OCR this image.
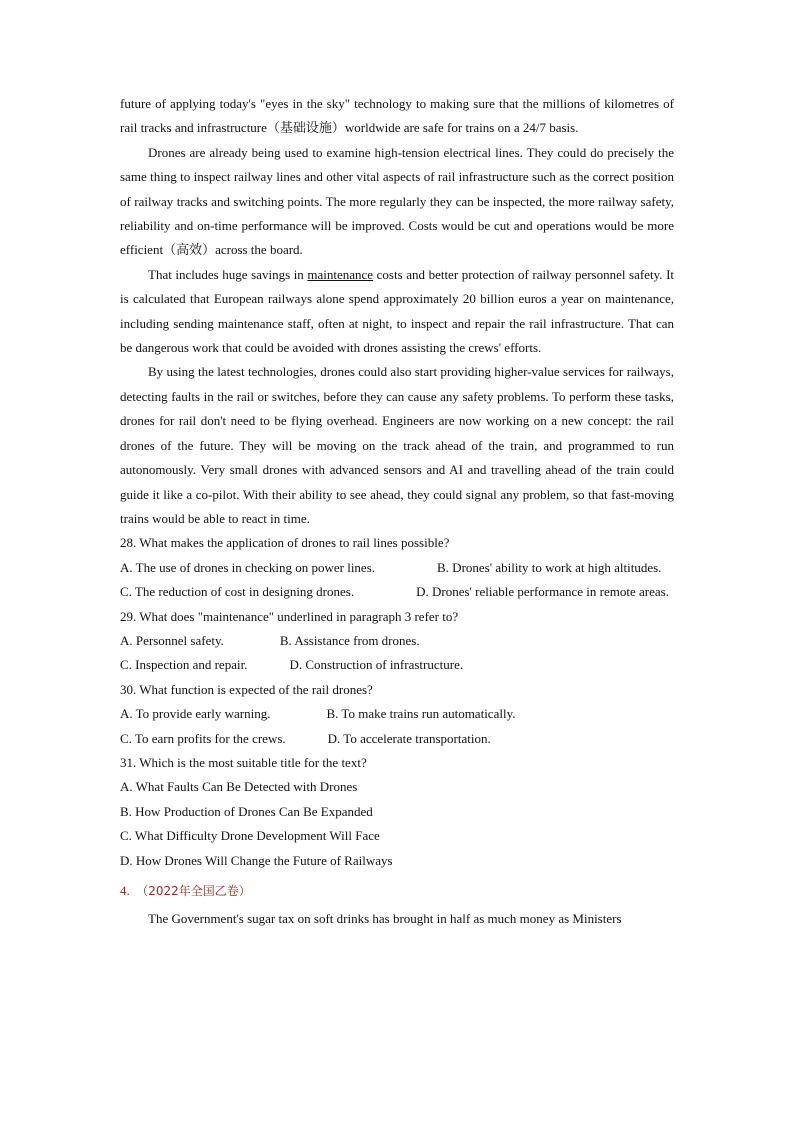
future of applying today's "eyes in the sky" technology to making sure that the millions of kilometres of rail tracks and infrastructure（基础设施）worldwide are safe for trains on a 24/7 basis.

Drones are already being used to examine high-tension electrical lines. They could do precisely the same thing to inspect railway lines and other vital aspects of rail infrastructure such as the correct position of railway tracks and switching points. The more regularly they can be inspected, the more railway safety, reliability and on-time performance will be improved. Costs would be cut and operations would be more efficient（高效）across the board.

That includes huge savings in maintenance costs and better protection of railway personnel safety. It is calculated that European railways alone spend approximately 20 billion euros a year on maintenance, including sending maintenance staff, often at night, to inspect and repair the rail infrastructure. That can be dangerous work that could be avoided with drones assisting the crews' efforts.

By using the latest technologies, drones could also start providing higher-value services for railways, detecting faults in the rail or switches, before they can cause any safety problems. To perform these tasks, drones for rail don't need to be flying overhead. Engineers are now working on a new concept: the rail drones of the future. They will be moving on the track ahead of the train, and programmed to run autonomously. Very small drones with advanced sensors and AI and travelling ahead of the train could guide it like a co-pilot. With their ability to see ahead, they could signal any problem, so that fast-moving trains would be able to react in time.

28. What makes the application of drones to rail lines possible?

A. The use of drones in checking on power lines.	B. Drones' ability to work at high altitudes.

C. The reduction of cost in designing drones.	D. Drones' reliable performance in remote areas.

29. What does "maintenance" underlined in paragraph 3 refer to?

A. Personnel safety.	B. Assistance from drones.

C. Inspection and repair.	D. Construction of infrastructure.

30. What function is expected of the rail drones?

A. To provide early warning.	B. To make trains run automatically.

C. To earn profits for the crews.	D. To accelerate transportation.

31. Which is the most suitable title for the text?

A. What Faults Can Be Detected with Drones

B. How Production of Drones Can Be Expanded

C. What Difficulty Drone Development Will Face

D. How Drones Will Change the Future of Railways

4. （2022年全国乙卷）

The Government's sugar tax on soft drinks has brought in half as much money as Ministers
